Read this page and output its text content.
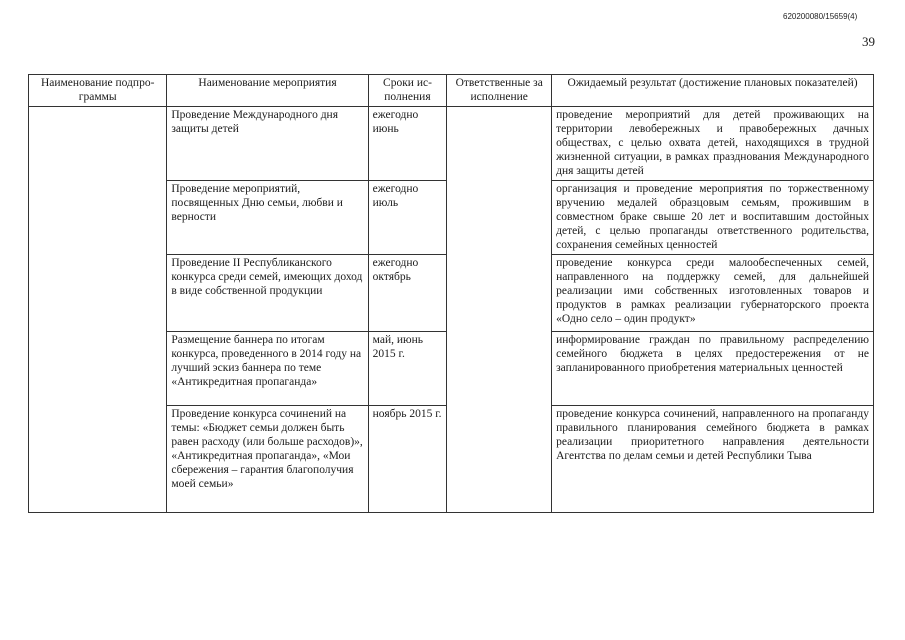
620200080/15659(4)
39
Наименование подпро-граммы	Наименование мероприятия	Сроки ис-полнения	Ответственные за исполнение	Ожидаемый результат (достижение плановых показателей)
	Проведение Международного дня защиты детей	ежегодно июнь		проведение мероприятий для детей проживающих на территории левобережных и правобережных дачных обществах, с целью охвата детей, находящихся в трудной жизненной ситуации, в рамках празднования Международного дня защиты детей
	Проведение мероприятий, посвященных Дню семьи, любви и верности	ежегодно июль		организация и проведение мероприятия по торжественному вручению медалей образцовым семьям, прожившим в совместном браке свыше 20 лет и воспитавшим достойных детей, с целью пропаганды ответственного родительства, сохранения семейных ценностей
	Проведение II Республиканского конкурса среди семей, имеющих доход в виде собственной продукции	ежегодно октябрь		проведение конкурса среди малообеспеченных семей, направленного на поддержку семей, для дальнейшей реализации ими собственных изготовленных товаров и продуктов в рамках реализации губернаторского проекта «Одно село – один продукт»
	Размещение баннера по итогам конкурса, проведенного в 2014 году на лучший эскиз баннера по теме «Антикредитная пропаганда»	май, июнь 2015 г.		информирование граждан по правильному распределению семейного бюджета в целях предостережения от не запланированного приобретения материальных ценностей
	Проведение конкурса сочинений на темы: «Бюджет семьи должен быть равен расходу (или больше расходов)», «Антикредитная пропаганда», «Мои сбережения – гарантия благополучия моей семьи»	ноябрь 2015 г.		проведение конкурса сочинений, направленного на пропаганду правильного планирования семейного бюджета в рамках реализации приоритетного направления деятельности Агентства по делам семьи и детей Республики Тыва
